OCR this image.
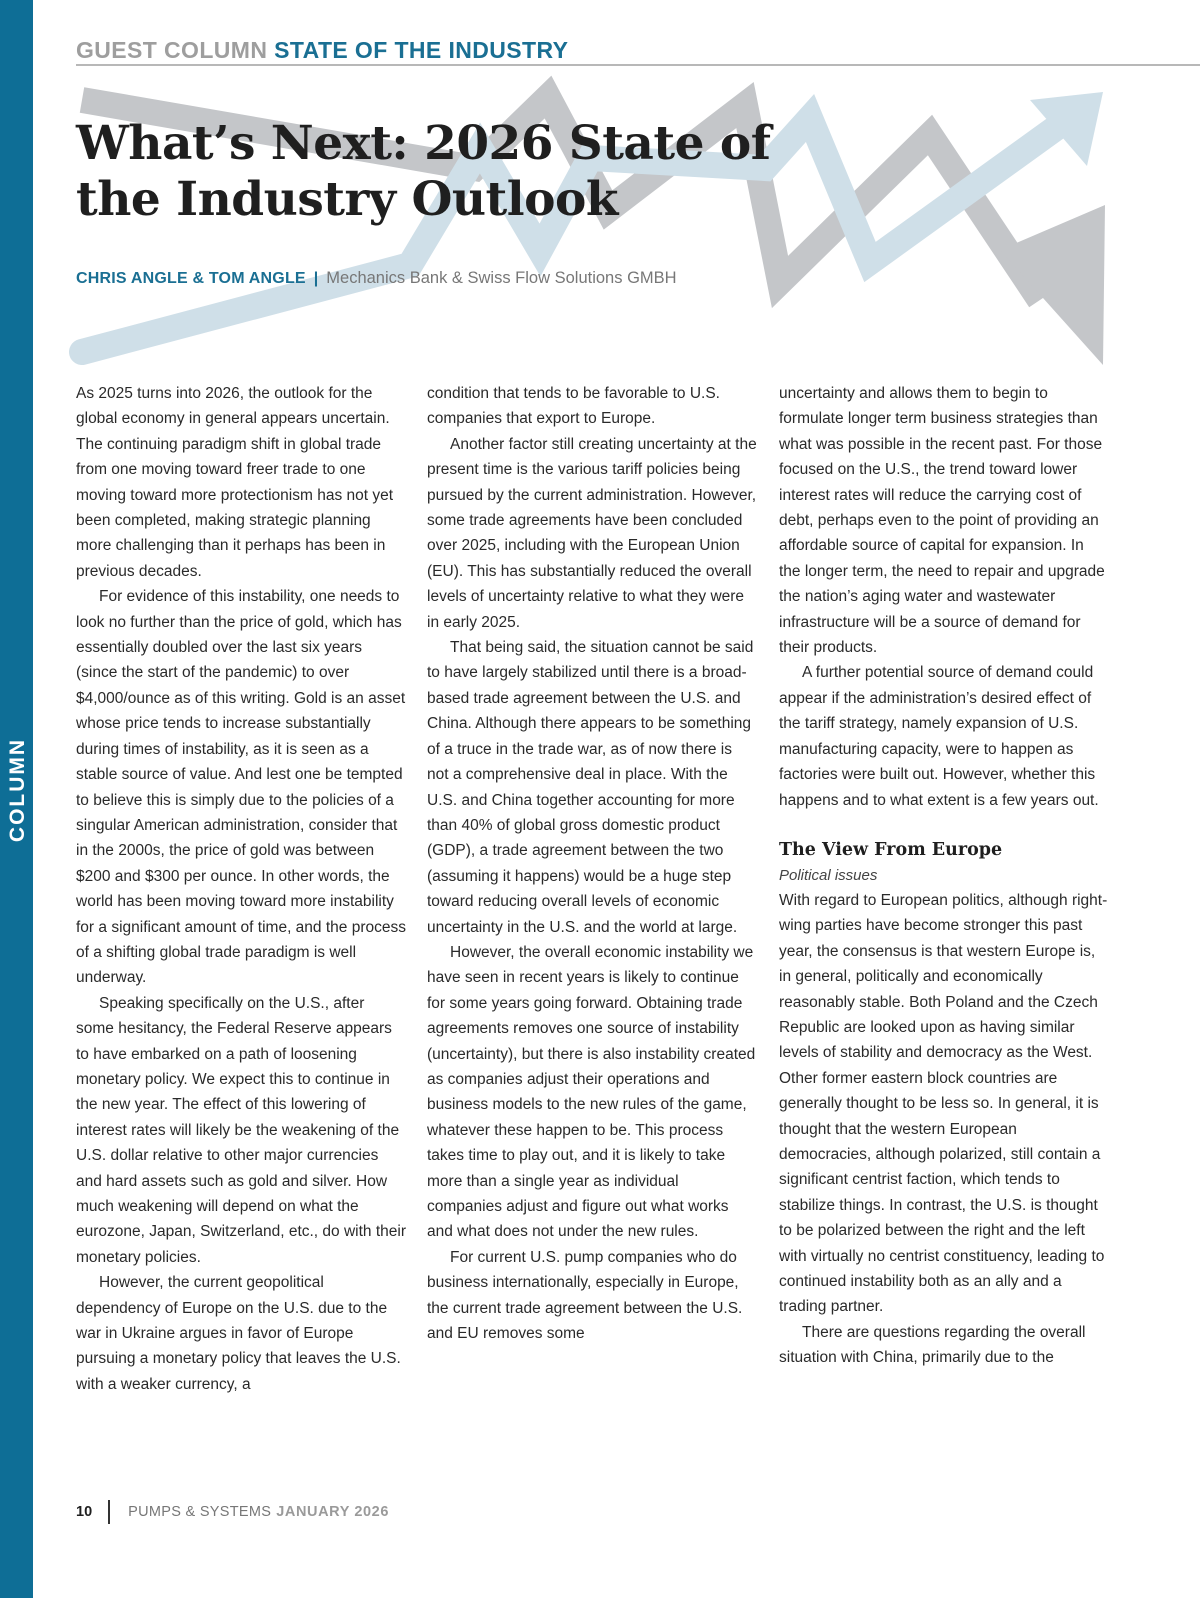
COLUMN
GUEST COLUMN STATE OF THE INDUSTRY
What’s Next: 2026 State of the Industry Outlook
CHRIS ANGLE & TOM ANGLE | Mechanics Bank & Swiss Flow Solutions GMBH

As 2025 turns into 2026, the outlook for the global economy in general appears uncertain. The continuing paradigm shift in global trade from one moving toward freer trade to one moving toward more protectionism has not yet been completed, making strategic planning more challenging than it perhaps has been in previous decades.

For evidence of this instability, one needs to look no further than the price of gold, which has essentially doubled over the last six years (since the start of the pandemic) to over $4,000/ounce as of this writing. Gold is an asset whose price tends to increase substantially during times of instability, as it is seen as a stable source of value. And lest one be tempted to believe this is simply due to the policies of a singular American administration, consider that in the 2000s, the price of gold was between $200 and $300 per ounce. In other words, the world has been moving toward more instability for a significant amount of time, and the process of a shifting global trade paradigm is well underway.

Speaking specifically on the U.S., after some hesitancy, the Federal Reserve appears to have embarked on a path of loosening monetary policy. We expect this to continue in the new year. The effect of this lowering of interest rates will likely be the weakening of the U.S. dollar relative to other major currencies and hard assets such as gold and silver. How much weakening will depend on what the eurozone, Japan, Switzerland, etc., do with their monetary policies.

However, the current geopolitical dependency of Europe on the U.S. due to the war in Ukraine argues in favor of Europe pursuing a monetary policy that leaves the U.S. with a weaker currency, a

condition that tends to be favorable to U.S. companies that export to Europe.

Another factor still creating uncertainty at the present time is the various tariff policies being pursued by the current administration. However, some trade agreements have been concluded over 2025, including with the European Union (EU). This has substantially reduced the overall levels of uncertainty relative to what they were in early 2025.

That being said, the situation cannot be said to have largely stabilized until there is a broad-based trade agreement between the U.S. and China. Although there appears to be something of a truce in the trade war, as of now there is not a comprehensive deal in place. With the U.S. and China together accounting for more than 40% of global gross domestic product (GDP), a trade agreement between the two (assuming it happens) would be a huge step toward reducing overall levels of economic uncertainty in the U.S. and the world at large.

However, the overall economic instability we have seen in recent years is likely to continue for some years going forward. Obtaining trade agreements removes one source of instability (uncertainty), but there is also instability created as companies adjust their operations and business models to the new rules of the game, whatever these happen to be. This process takes time to play out, and it is likely to take more than a single year as individual companies adjust and figure out what works and what does not under the new rules.

For current U.S. pump companies who do business internationally, especially in Europe, the current trade agreement between the U.S. and EU removes some

uncertainty and allows them to begin to formulate longer term business strategies than what was possible in the recent past. For those focused on the U.S., the trend toward lower interest rates will reduce the carrying cost of debt, perhaps even to the point of providing an affordable source of capital for expansion. In the longer term, the need to repair and upgrade the nation’s aging water and wastewater infrastructure will be a source of demand for their products.

A further potential source of demand could appear if the administration’s desired effect of the tariff strategy, namely expansion of U.S. manufacturing capacity, were to happen as factories were built out. However, whether this happens and to what extent is a few years out.

The View From Europe
Political issues

With regard to European politics, although right-wing parties have become stronger this past year, the consensus is that western Europe is, in general, politically and economically reasonably stable. Both Poland and the Czech Republic are looked upon as having similar levels of stability and democracy as the West. Other former eastern block countries are generally thought to be less so. In general, it is thought that the western European democracies, although polarized, still contain a significant centrist faction, which tends to stabilize things. In contrast, the U.S. is thought to be polarized between the right and the left with virtually no centrist constituency, leading to continued instability both as an ally and a trading partner.

There are questions regarding the overall situation with China, primarily due to the

10 PUMPS & SYSTEMS JANUARY 2026
